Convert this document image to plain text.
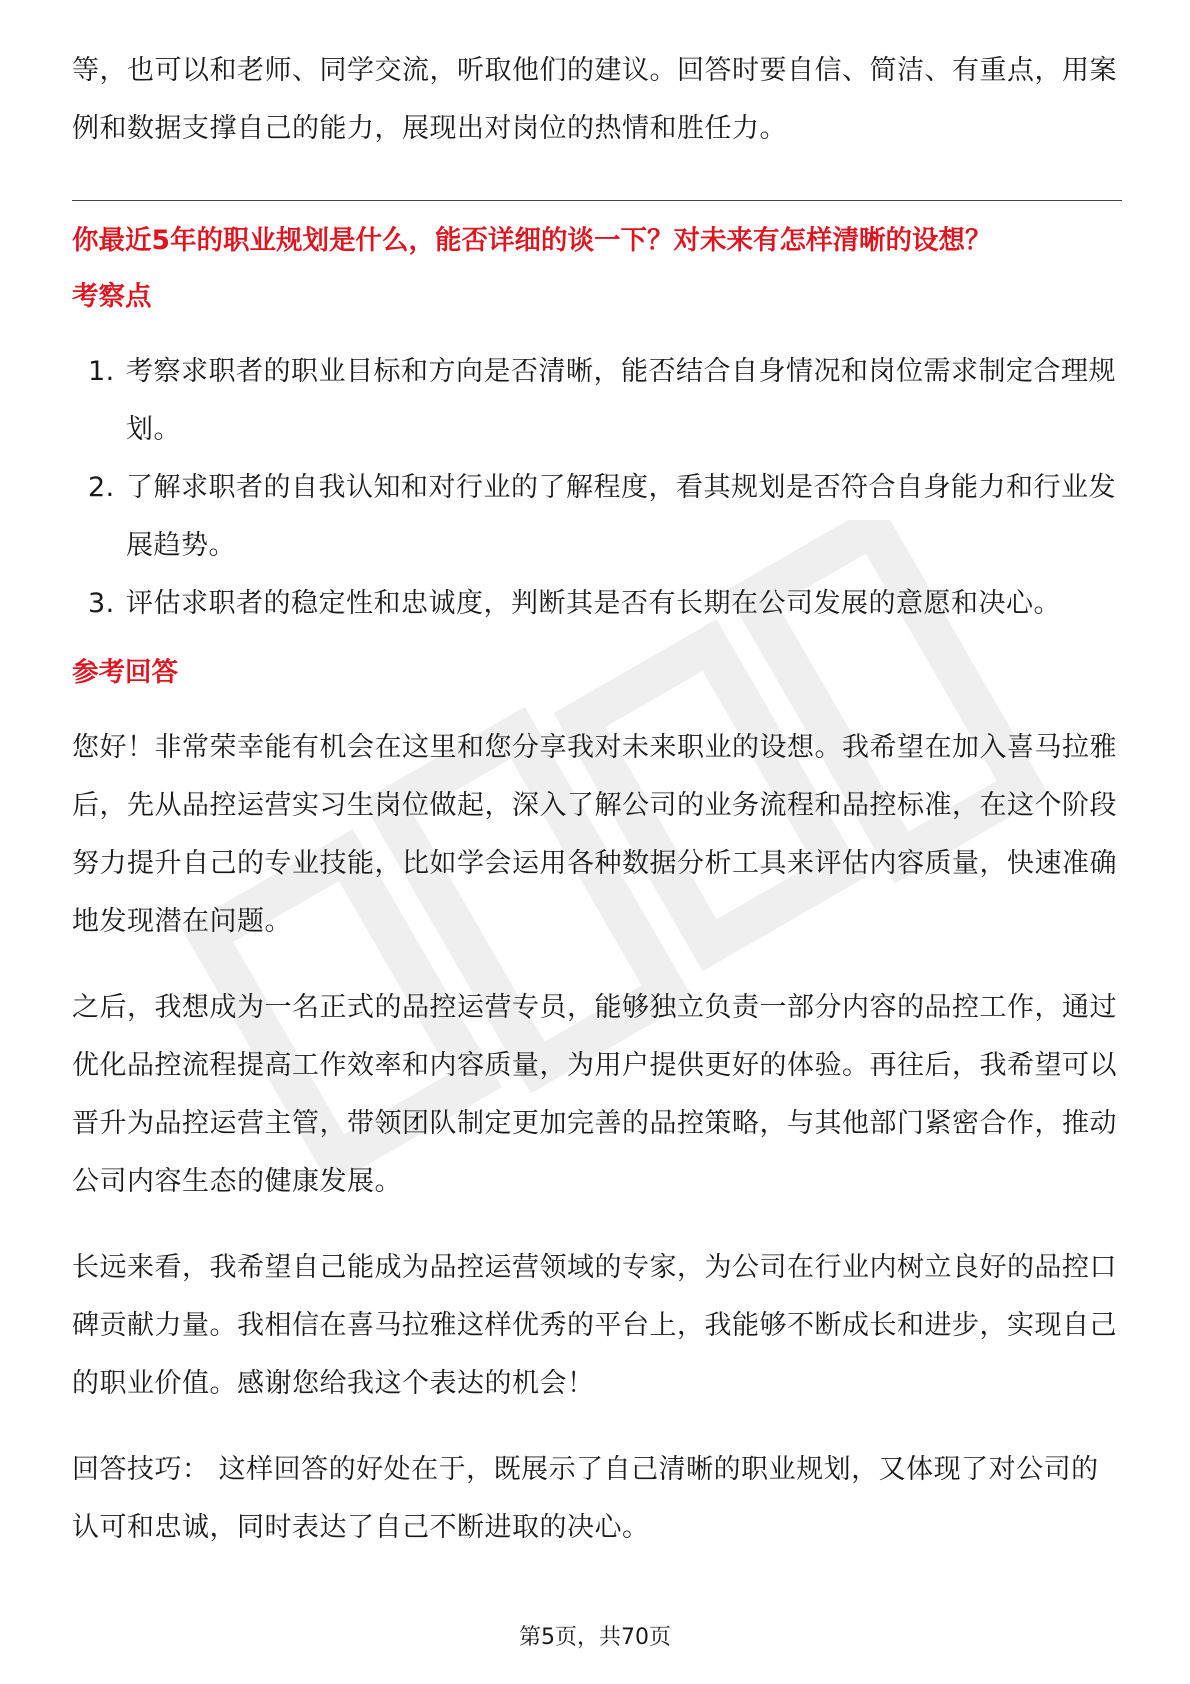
等，也可以和老师、同学交流，听取他们的建议。回答时要自信、简洁、有重点，用案例和数据支撑自己的能力，展现出对岗位的热情和胜任力。

你最近5年的职业规划是什么，能否详细的谈一下？对未来有怎样清晰的设想？

考察点

1. 考察求职者的职业目标和方向是否清晰，能否结合自身情况和岗位需求制定合理规划。
2. 了解求职者的自我认知和对行业的了解程度，看其规划是否符合自身能力和行业发展趋势。
3. 评估求职者的稳定性和忠诚度，判断其是否有长期在公司发展的意愿和决心。

参考回答

您好！非常荣幸能有机会在这里和您分享我对未来职业的设想。我希望在加入喜马拉雅后，先从品控运营实习生岗位做起，深入了解公司的业务流程和品控标准，在这个阶段努力提升自己的专业技能，比如学会运用各种数据分析工具来评估内容质量，快速准确地发现潜在问题。

之后，我想成为一名正式的品控运营专员，能够独立负责一部分内容的品控工作，通过优化品控流程提高工作效率和内容质量，为用户提供更好的体验。再往后，我希望可以晋升为品控运营主管，带领团队制定更加完善的品控策略，与其他部门紧密合作，推动公司内容生态的健康发展。

长远来看，我希望自己能成为品控运营领域的专家，为公司在行业内树立良好的品控口碑贡献力量。我相信在喜马拉雅这样优秀的平台上，我能够不断成长和进步，实现自己的职业价值。感谢您给我这个表达的机会！

回答技巧： 这样回答的好处在于，既展示了自己清晰的职业规划，又体现了对公司的认可和忠诚，同时表达了自己不断进取的决心。

第5页，共70页
